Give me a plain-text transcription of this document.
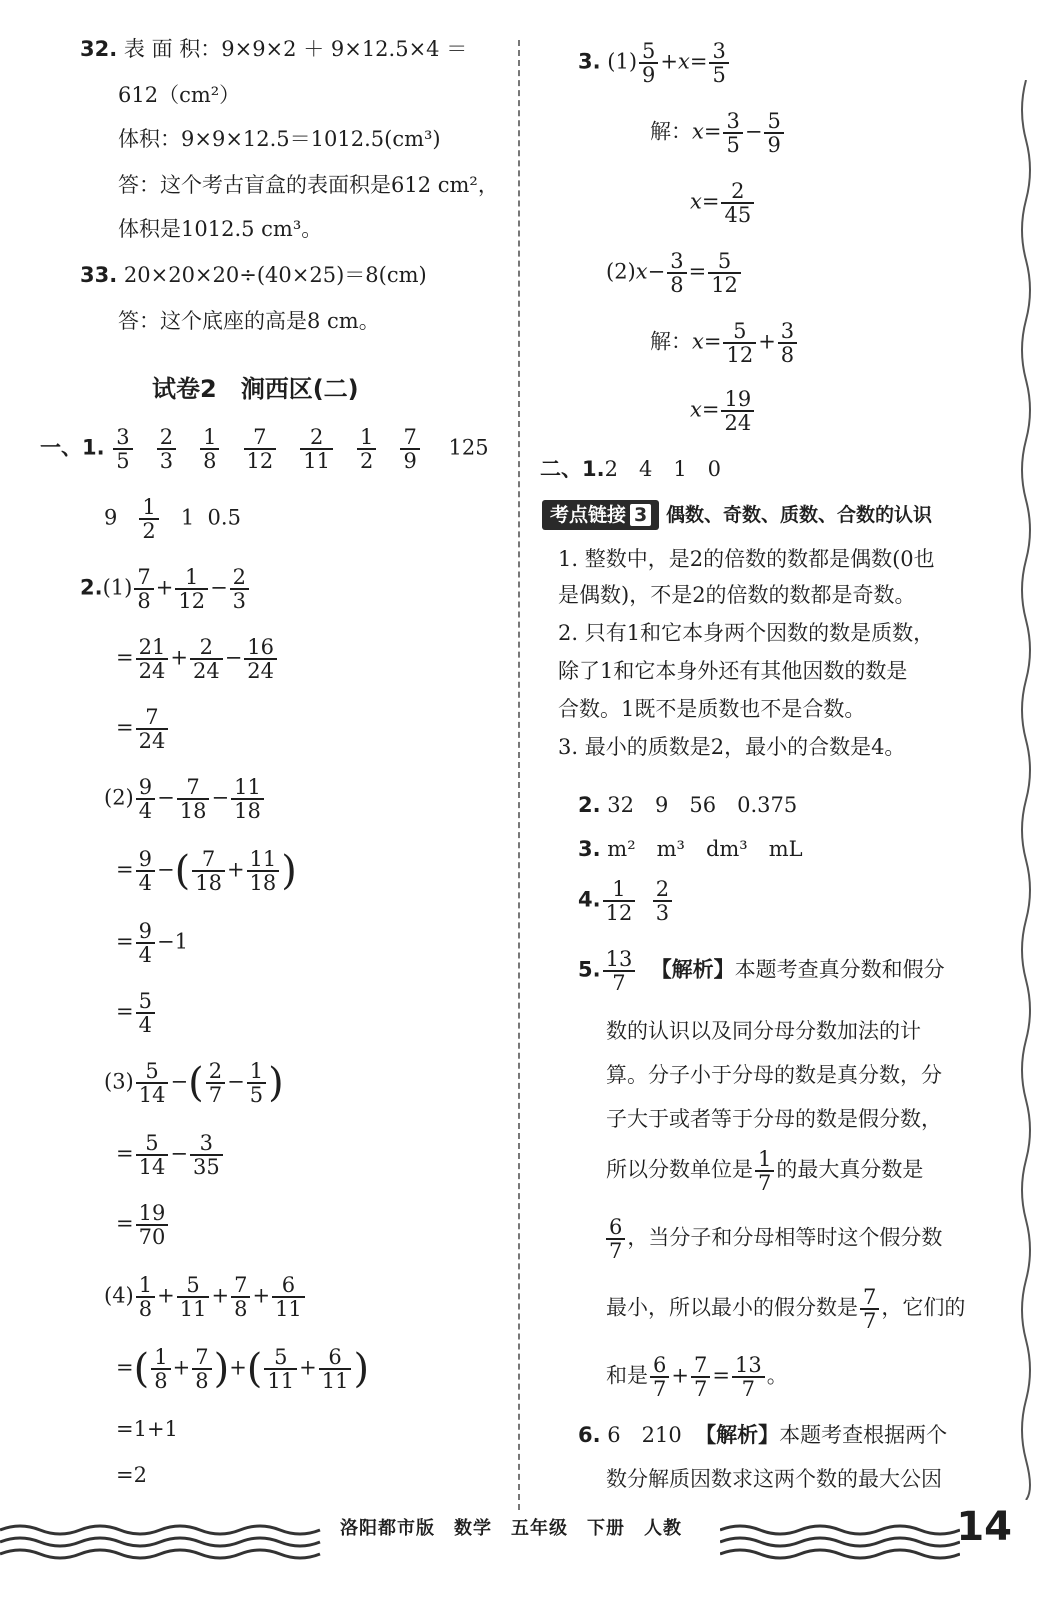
32. 表 面 积：9×9×2 ＋ 9×12.5×4 ＝
612（cm²）
体积：9×9×12.5＝1012.5(cm³)
答：这个考古盲盒的表面积是612 cm²，
体积是1012.5 cm³。
33. 20×20×20÷(40×25)＝8(cm)
答：这个底座的高是8 cm。
试卷2　涧西区(二)
一、1. $\frac{3}{5}$
$\frac{2}{3}$
$\frac{1}{8}$
$\frac{7}{12}$
$\frac{2}{11}$
$\frac{1}{2}$
$\frac{7}{9} 125$
$9 \frac{1}{2} 1$ 0.5
$2.(1) \frac{7}{8} + \frac{1}{12} - \frac{2}{3}$
= $\frac{21}{24} + \frac{2}{24} - \frac{16}{24}$
= $\frac{7}{24}$
$(2) \frac{9}{4} - \frac{7}{18} - \frac{11}{18}$
= $\frac{9}{4}$ −( $\frac{7}{18} + \frac{11}{18}$ )
= $\frac{9}{4} -1$
= $\frac{5}{4}$
$(3) \frac{5}{14}$ −( $\frac{2}{7} - \frac{1}{5}$ )
= $\frac{5}{14} - \frac{3}{35}$
= $\frac{19}{70}$
$(4) \frac{1}{8} + \frac{5}{11} + \frac{7}{8} + \frac{6}{11}$
=( $\frac{1}{8} + \frac{7}{8}$ )+( $\frac{5}{11} + \frac{6}{11}$ )
=1+1
=2
3. $(1) \frac{5}{9} +x= \frac{3}{5}$
解：$x= \frac{3}{5} - \frac{5}{9}$
$x= \frac{2}{45}$
$(2)x- \frac{3}{8} = \frac{5}{12}$
解：$x= \frac{5}{12} + \frac{3}{8}$
$x= \frac{19}{24}$
二、1.2　4　1　0
考点链接 3 偶数、奇数、质数、合数的认识
1. 整数中，是2的倍数的数都是偶数(0也
是偶数)，不是2的倍数的数都是奇数。
2. 只有1和它本身两个因数的数是质数，
除了1和它本身外还有其他因数的数是
合数。1既不是质数也不是合数。
3. 最小的质数是2，最小的合数是4。
2. 32　9　56　0.375
3. m²　m³　dm³　mL
4. $\frac{1}{12}$
$\frac{2}{3}$
5. $\frac{13}{7}$ 【解析】本题考查真分数和假分
数的认识以及同分母分数加法的计
算。分子小于分母的数是真分数，分
子大于或者等于分母的数是假分数，
所以分数单位是 $\frac{1}{7}$ 的最大真分数是
$\frac{6}{7}$ ，当分子和分母相等时这个假分数
最小，所以最小的假分数是 $\frac{7}{7}$ ，它们的
和是 $\frac{6}{7} + \frac{7}{7} = \frac{13}{7}$ 。
6. 6　210 【解析】本题考查根据两个
数分解质因数求这两个数的最大公因
洛阳都市版　数学　五年级　下册　人教	14
